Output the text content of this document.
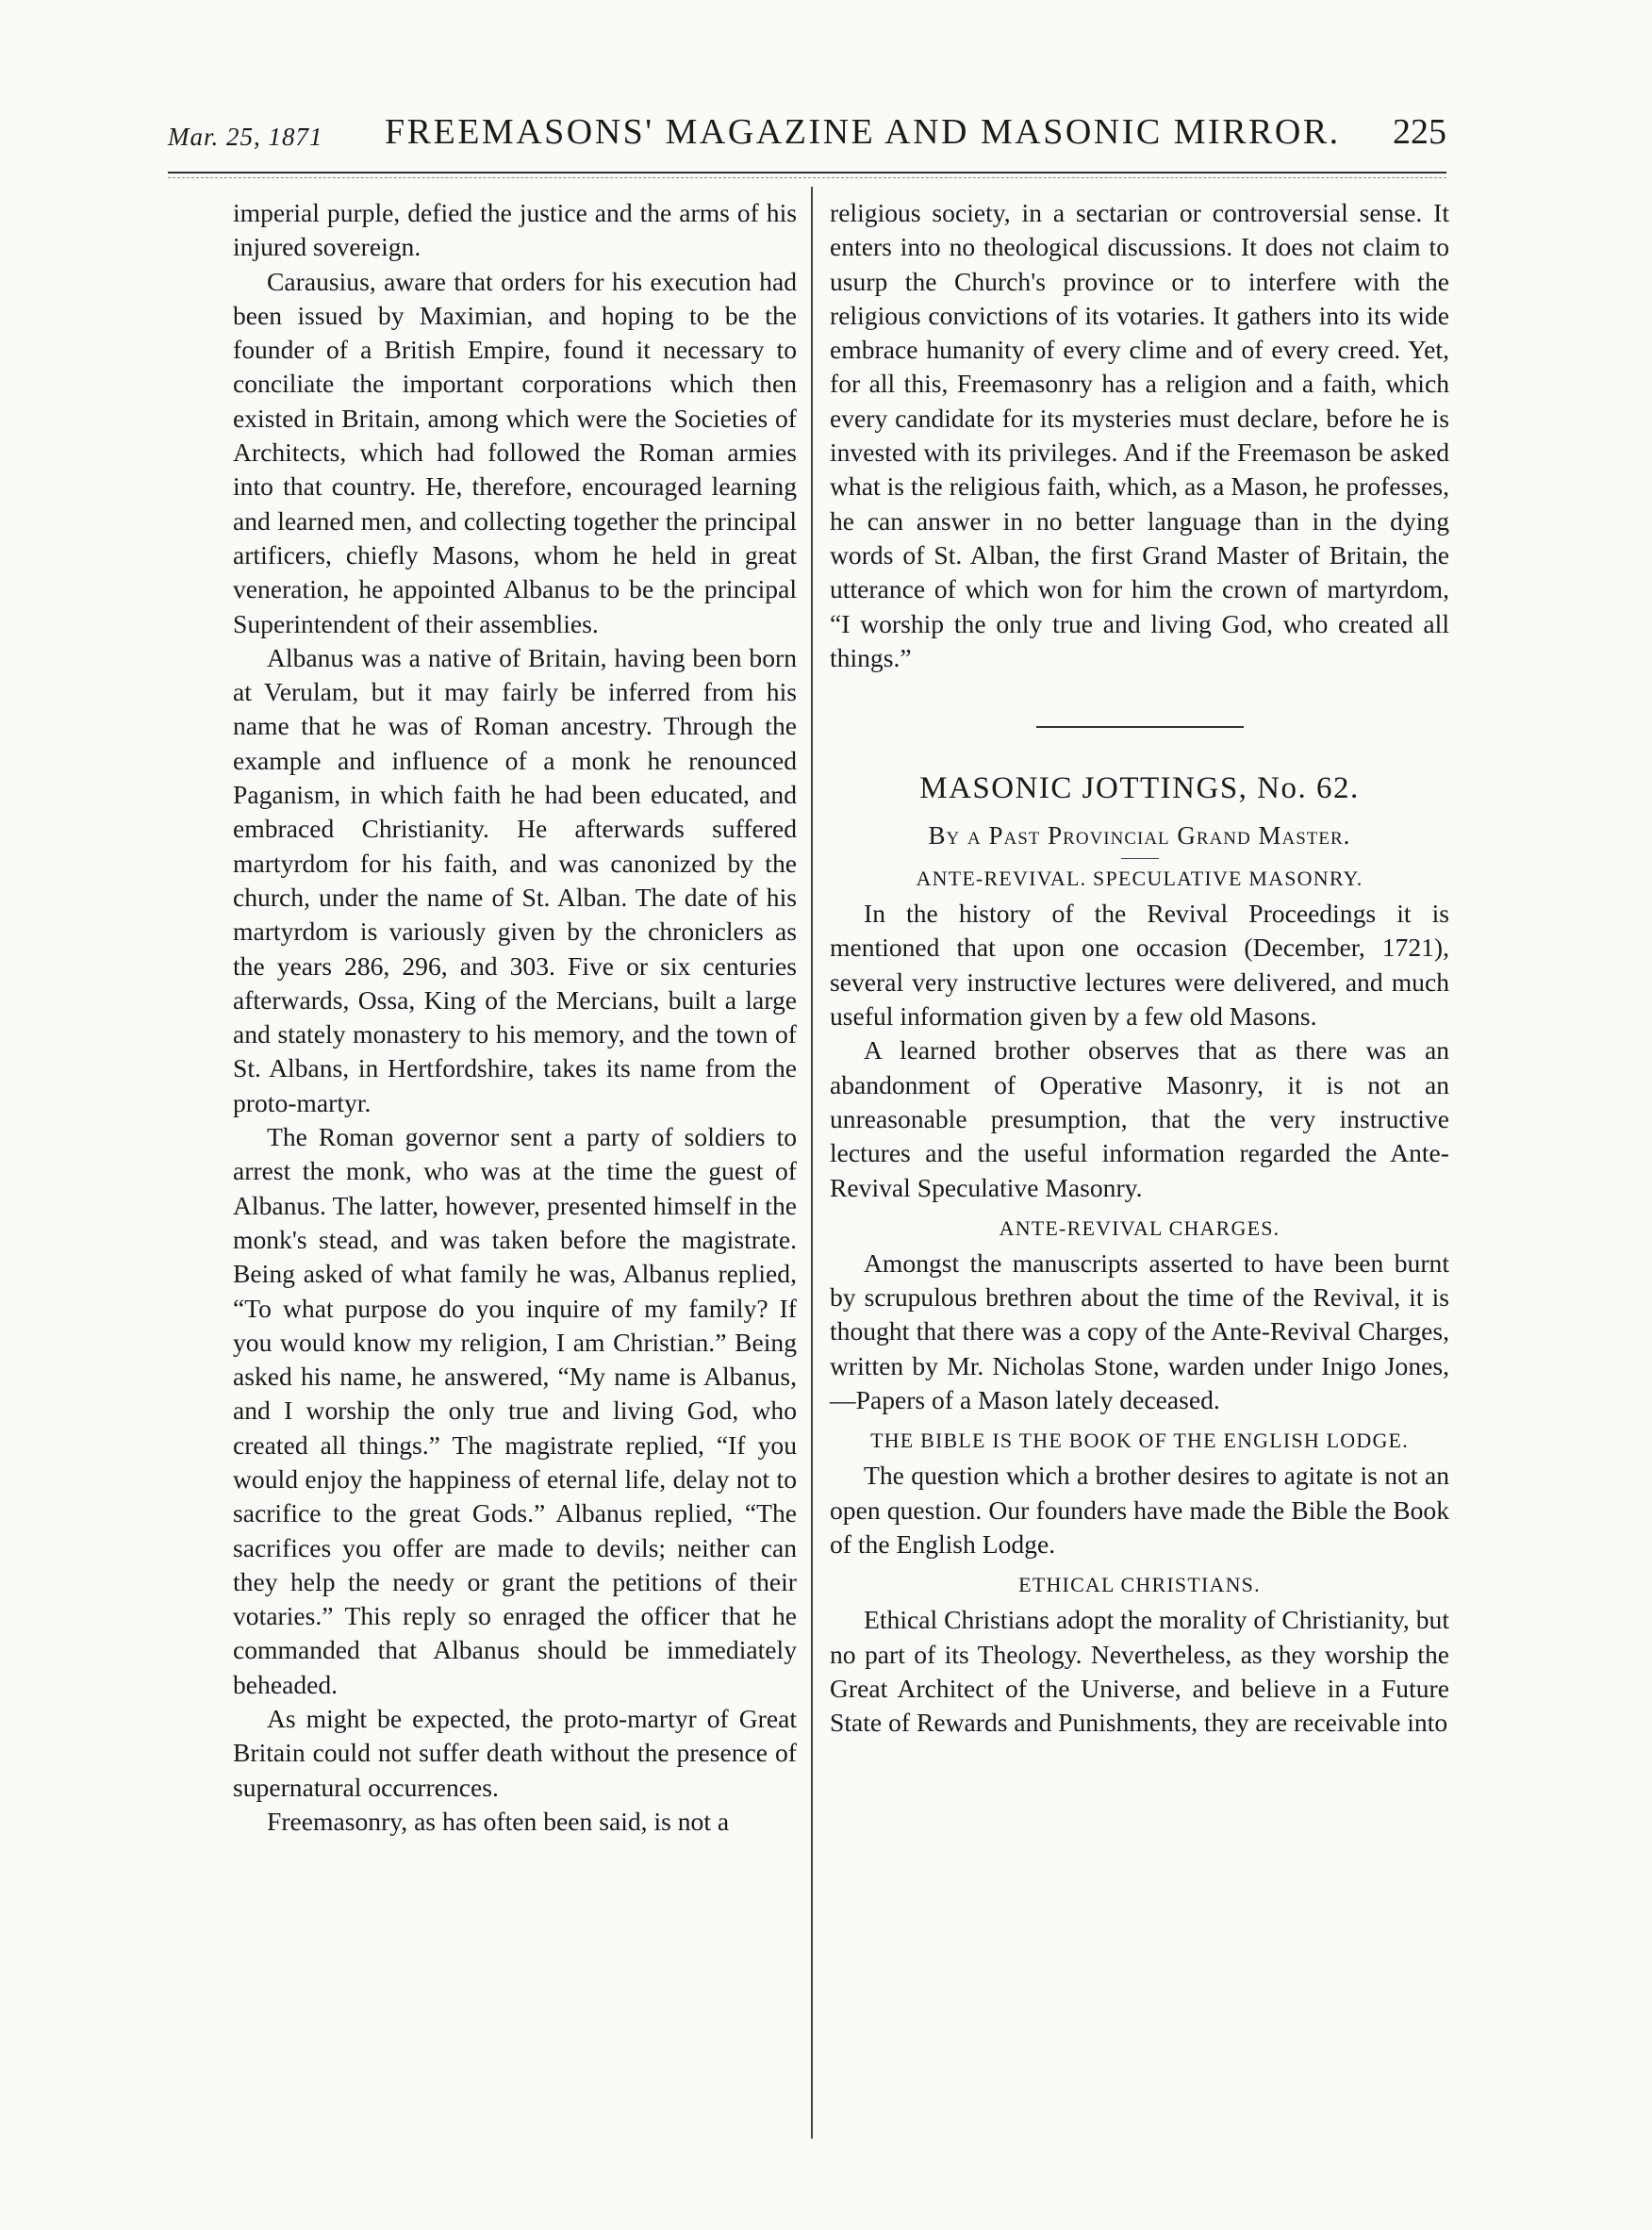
Mar. 25, 1871 FREEMASONS' MAGAZINE AND MASONIC MIRROR. 225

imperial purple, defied the justice and the arms of his injured sovereign.

Carausius, aware that orders for his execution had been issued by Maximian, and hoping to be the founder of a British Empire, found it necessary to conciliate the important corporations which then existed in Britain, among which were the Societies of Architects, which had followed the Roman armies into that country. He, therefore, encouraged learning and learned men, and collecting together the principal artificers, chiefly Masons, whom he held in great veneration, he appointed Albanus to be the principal Superintendent of their assemblies.

Albanus was a native of Britain, having been born at Verulam, but it may fairly be inferred from his name that he was of Roman ancestry. Through the example and influence of a monk he renounced Paganism, in which faith he had been educated, and embraced Christianity. He afterwards suffered martyrdom for his faith, and was canonized by the church, under the name of St. Alban. The date of his martyrdom is variously given by the chroniclers as the years 286, 296, and 303. Five or six centuries afterwards, Ossa, King of the Mercians, built a large and stately monastery to his memory, and the town of St. Albans, in Hertfordshire, takes its name from the proto-martyr.

The Roman governor sent a party of soldiers to arrest the monk, who was at the time the guest of Albanus. The latter, however, presented himself in the monk's stead, and was taken before the magistrate. Being asked of what family he was, Albanus replied, “To what purpose do you inquire of my family? If you would know my religion, I am Christian.” Being asked his name, he answered, “My name is Albanus, and I worship the only true and living God, who created all things.” The magistrate replied, “If you would enjoy the happiness of eternal life, delay not to sacrifice to the great Gods.” Albanus replied, “The sacrifices you offer are made to devils; neither can they help the needy or grant the petitions of their votaries.” This reply so enraged the officer that he commanded that Albanus should be immediately beheaded.

As might be expected, the proto-martyr of Great Britain could not suffer death without the presence of supernatural occurrences.

Freemasonry, as has often been said, is not a

religious society, in a sectarian or controversial sense. It enters into no theological discussions. It does not claim to usurp the Church's province or to interfere with the religious convictions of its votaries. It gathers into its wide embrace humanity of every clime and of every creed. Yet, for all this, Freemasonry has a religion and a faith, which every candidate for its mysteries must declare, before he is invested with its privileges. And if the Freemason be asked what is the religious faith, which, as a Mason, he professes, he can answer in no better language than in the dying words of St. Alban, the first Grand Master of Britain, the utterance of which won for him the crown of martyrdom, “I worship the only true and living God, who created all things.”

MASONIC JOTTINGS, No. 62.
By a Past Provincial Grand Master.
ANTE-REVIVAL. SPECULATIVE MASONRY.

In the history of the Revival Proceedings it is mentioned that upon one occasion (December, 1721), several very instructive lectures were delivered, and much useful information given by a few old Masons.

A learned brother observes that as there was an abandonment of Operative Masonry, it is not an unreasonable presumption, that the very instructive lectures and the useful information regarded the Ante-Revival Speculative Masonry.

ANTE-REVIVAL CHARGES.

Amongst the manuscripts asserted to have been burnt by scrupulous brethren about the time of the Revival, it is thought that there was a copy of the Ante-Revival Charges, written by Mr. Nicholas Stone, warden under Inigo Jones,—Papers of a Mason lately deceased.

THE BIBLE IS THE BOOK OF THE ENGLISH LODGE.

The question which a brother desires to agitate is not an open question. Our founders have made the Bible the Book of the English Lodge.

ETHICAL CHRISTIANS.

Ethical Christians adopt the morality of Christianity, but no part of its Theology. Nevertheless, as they worship the Great Architect of the Universe, and believe in a Future State of Rewards and Punishments, they are receivable into
